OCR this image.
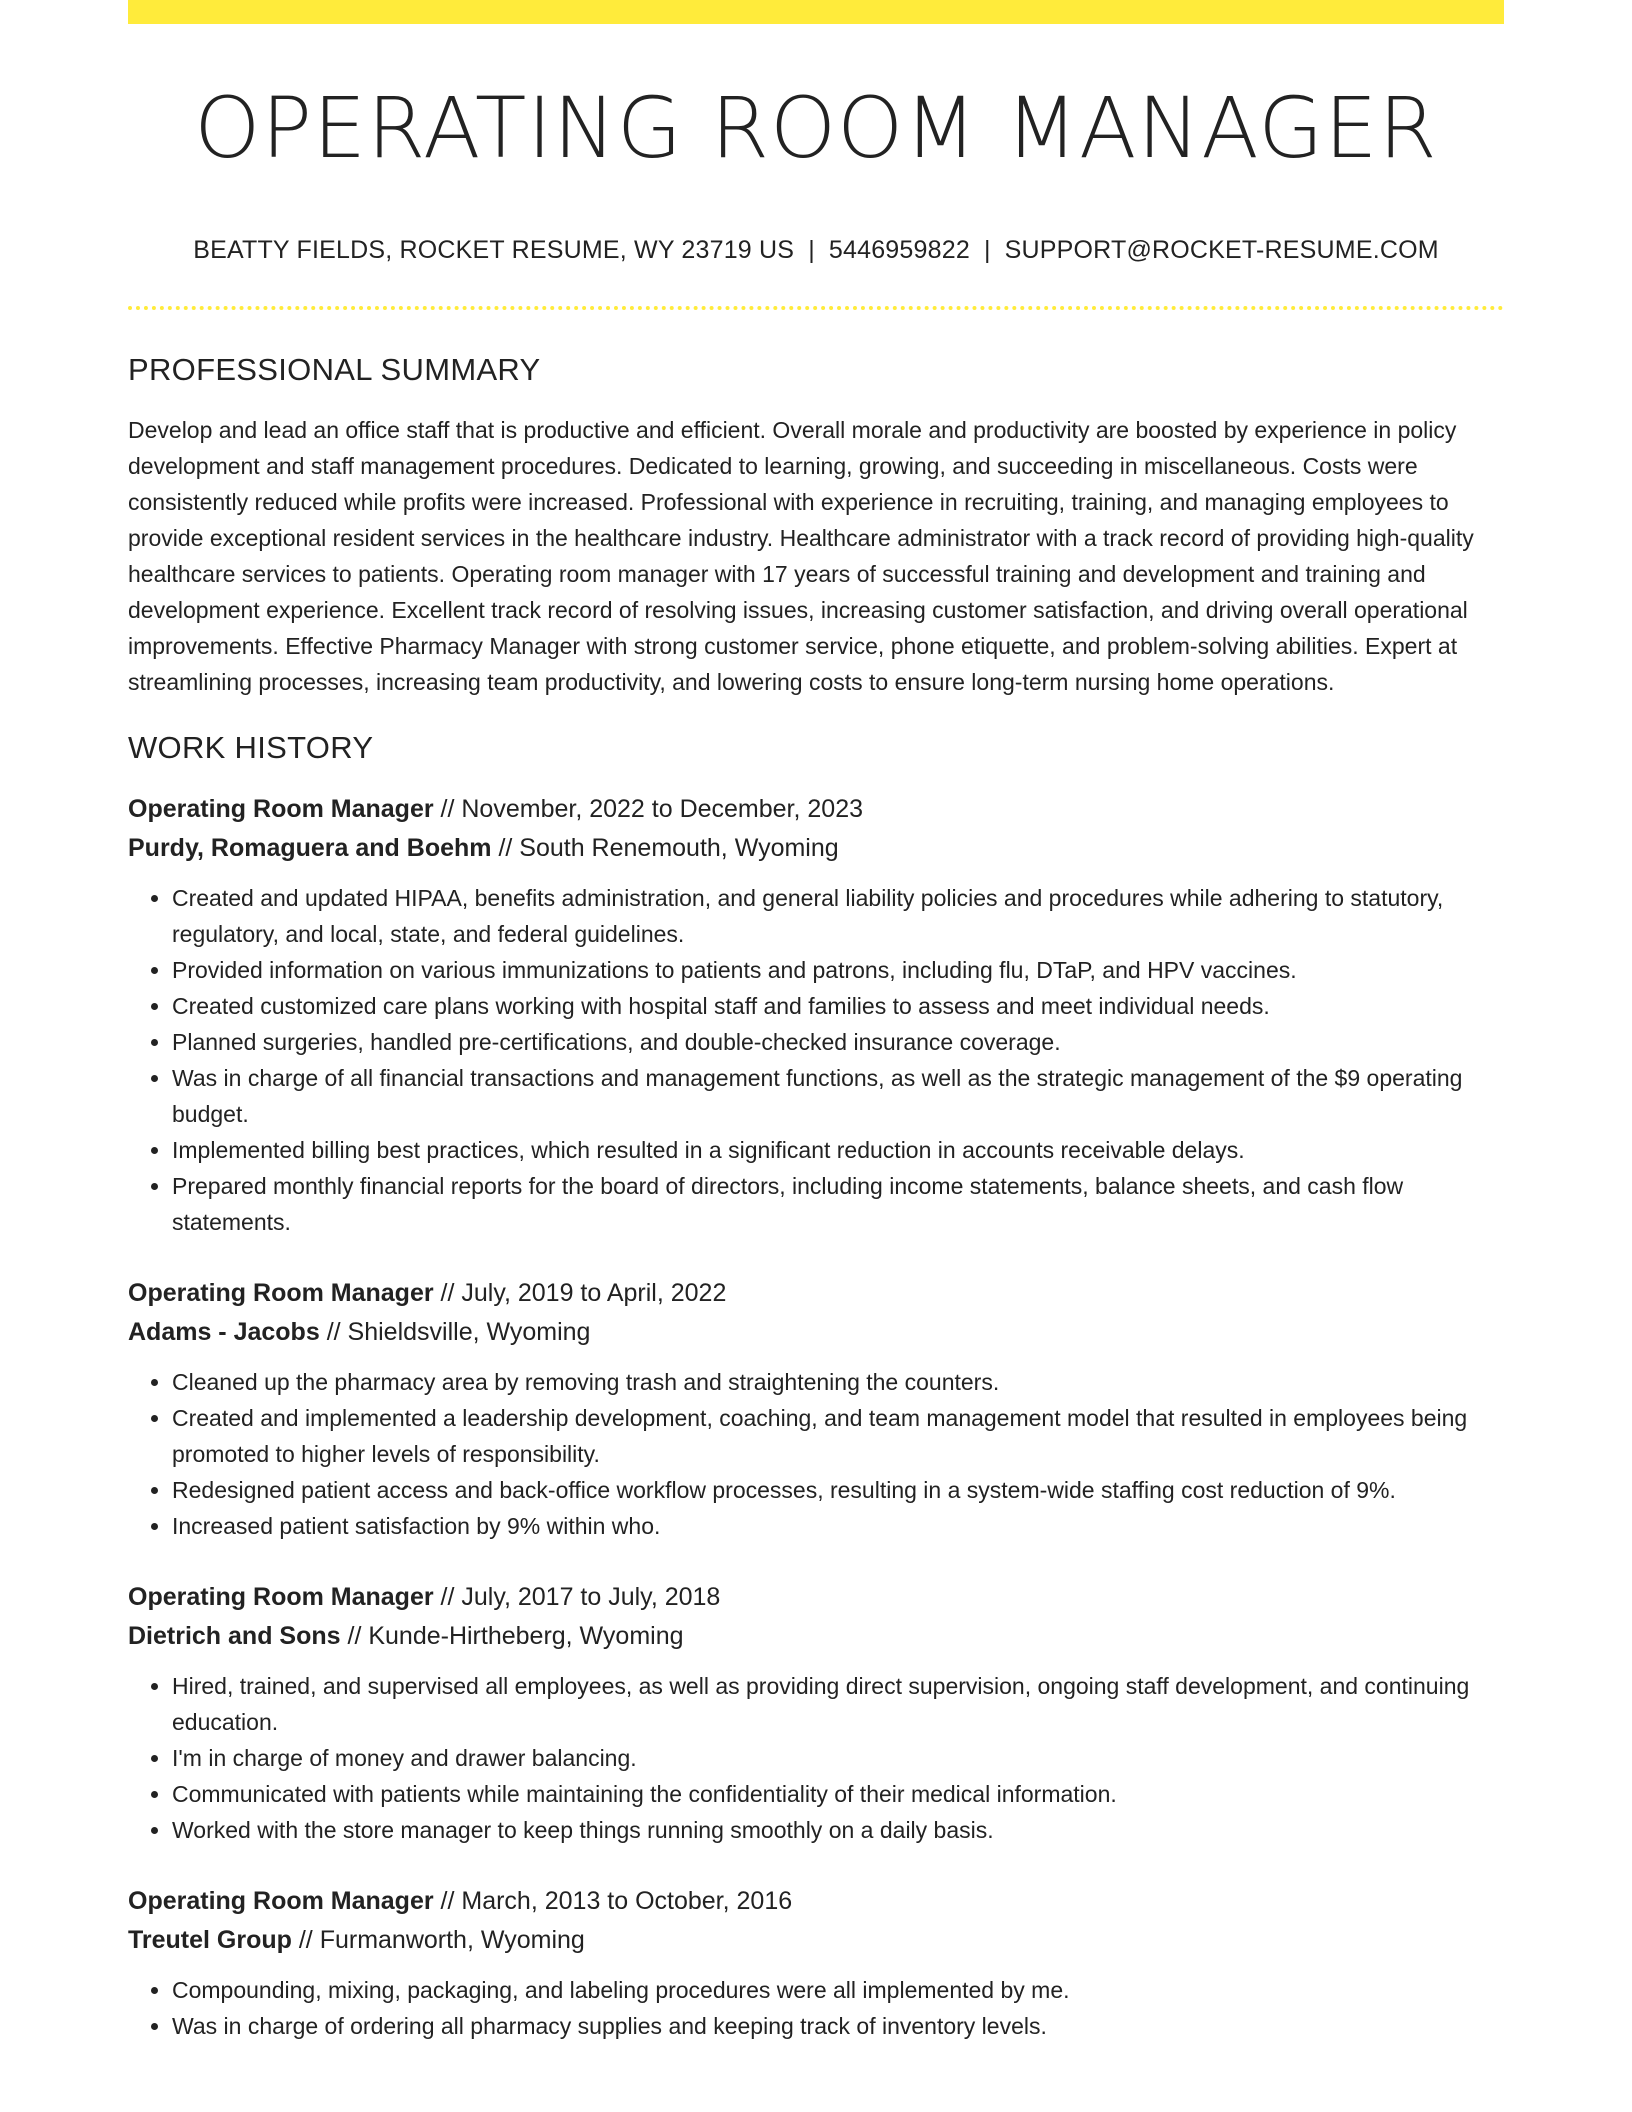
OPERATING ROOM MANAGER
BEATTY FIELDS, ROCKET RESUME, WY 23719 US | 5446959822 | SUPPORT@ROCKET-RESUME.COM
PROFESSIONAL SUMMARY

Develop and lead an office staff that is productive and efficient. Overall morale and productivity are boosted by experience in policy development and staff management procedures. Dedicated to learning, growing, and succeeding in miscellaneous. Costs were consistently reduced while profits were increased. Professional with experience in recruiting, training, and managing employees to provide exceptional resident services in the healthcare industry. Healthcare administrator with a track record of providing high-quality healthcare services to patients. Operating room manager with 17 years of successful training and development and training and development experience. Excellent track record of resolving issues, increasing customer satisfaction, and driving overall operational improvements. Effective Pharmacy Manager with strong customer service, phone etiquette, and problem-solving abilities. Expert at streamlining processes, increasing team productivity, and lowering costs to ensure long-term nursing home operations.

WORK HISTORY
Operating Room Manager // November, 2022 to December, 2023
Purdy, Romaguera and Boehm // South Renemouth, Wyoming
• Created and updated HIPAA, benefits administration, and general liability policies and procedures while adhering to statutory, regulatory, and local, state, and federal guidelines.
• Provided information on various immunizations to patients and patrons, including flu, DTaP, and HPV vaccines.
• Created customized care plans working with hospital staff and families to assess and meet individual needs.
• Planned surgeries, handled pre-certifications, and double-checked insurance coverage.
• Was in charge of all financial transactions and management functions, as well as the strategic management of the $9 operating budget.
• Implemented billing best practices, which resulted in a significant reduction in accounts receivable delays.
• Prepared monthly financial reports for the board of directors, including income statements, balance sheets, and cash flow statements.
Operating Room Manager // July, 2019 to April, 2022
Adams - Jacobs // Shieldsville, Wyoming
• Cleaned up the pharmacy area by removing trash and straightening the counters.
• Created and implemented a leadership development, coaching, and team management model that resulted in employees being promoted to higher levels of responsibility.
• Redesigned patient access and back-office workflow processes, resulting in a system-wide staffing cost reduction of 9%.
• Increased patient satisfaction by 9% within who.
Operating Room Manager // July, 2017 to July, 2018
Dietrich and Sons // Kunde-Hirtheberg, Wyoming
• Hired, trained, and supervised all employees, as well as providing direct supervision, ongoing staff development, and continuing education.
• I'm in charge of money and drawer balancing.
• Communicated with patients while maintaining the confidentiality of their medical information.
• Worked with the store manager to keep things running smoothly on a daily basis.
Operating Room Manager // March, 2013 to October, 2016
Treutel Group // Furmanworth, Wyoming
• Compounding, mixing, packaging, and labeling procedures were all implemented by me.
• Was in charge of ordering all pharmacy supplies and keeping track of inventory levels.
